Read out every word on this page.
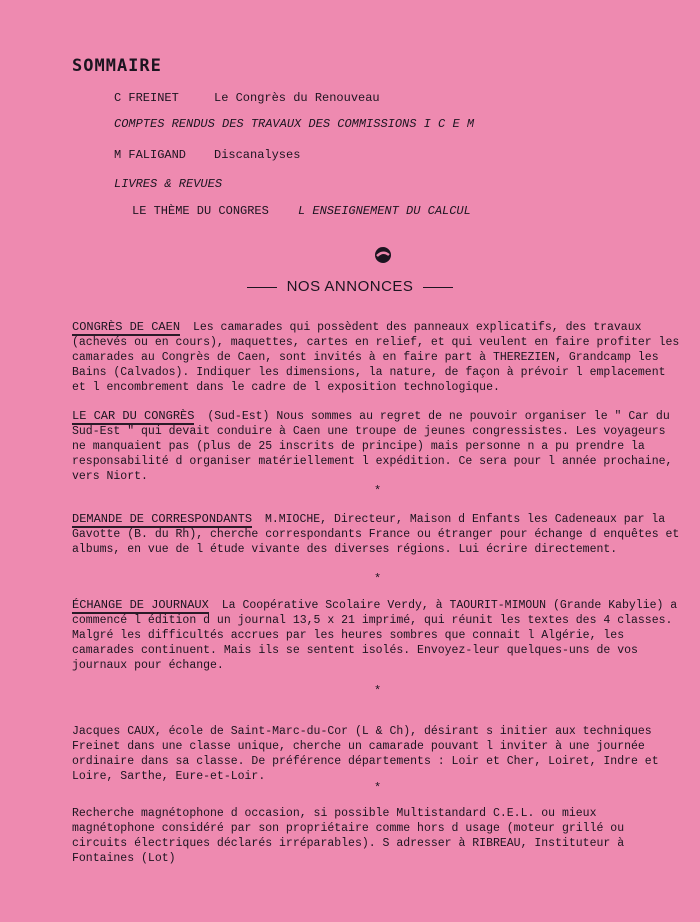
SOMMAIRE
C FREINET	Le Congrès du Renouveau
COMPTES RENDUS DES TRAVAUX DES COMMISSIONS I C E M
M FALIGAND Discanalyses
LIVRES & REVUES
LE THÈME DU CONGRES L ENSEIGNEMENT DU CALCUL
NOS ANNONCES
CONGRÈS DE CAEN Les camarades qui possèdent des panneaux explicatifs, des travaux (achevés ou en cours), maquettes, cartes en relief, et qui veulent en faire profiter les camarades au Congrès de Caen, sont invités à en faire part à THEREZIEN, Grandcamp les Bains (Calvados). Indiquer les dimensions, la nature, de façon à prévoir l emplacement et l encombrement dans le cadre de l exposition technologique.
LE CAR DU CONGRÈS (Sud-Est) Nous sommes au regret de ne pouvoir organiser le " Car du Sud-Est " qui devait conduire à Caen une troupe de jeunes congressistes. Les voyageurs ne manquaient pas (plus de 25 inscrits de principe) mais personne n a pu prendre la responsabilité d organiser matériellement l expédition. Ce sera pour l année prochaine, vers Niort.
*
DEMANDE DE CORRESPONDANTS M.MIOCHE, Directeur, Maison d Enfants les Cadeneaux par la Gavotte (B. du Rh), cherche correspondants France ou étranger pour échange d enquêtes et albums, en vue de l étude vivante des diverses régions. Lui écrire directement.
*
ÉCHANGE DE JOURNAUX La Coopérative Scolaire Verdy, à TAOURIT-MIMOUN (Grande Kabylie) a commencé l édition d un journal 13,5 x 21 imprimé, qui réunit les textes des 4 classes. Malgré les difficultés accrues par les heures sombres que connait l Algérie, les camarades continuent. Mais ils se sentent isolés. Envoyez-leur quelques-uns de vos journaux pour échange.
*
Jacques CAUX, école de Saint-Marc-du-Cor (L & Ch), désirant s initier aux techniques Freinet dans une classe unique, cherche un camarade pouvant l inviter à une journée ordinaire dans sa classe. De préférence départements : Loir et Cher, Loiret, Indre et Loire, Sarthe, Eure-et-Loir.
*
Recherche magnétophone d occasion, si possible Multistandard C.E.L. ou mieux magnétophone considéré par son propriétaire comme hors d usage (moteur grillé ou circuits électriques déclarés irréparables). S adresser à RIBREAU, Instituteur à Fontaines (Lot)
